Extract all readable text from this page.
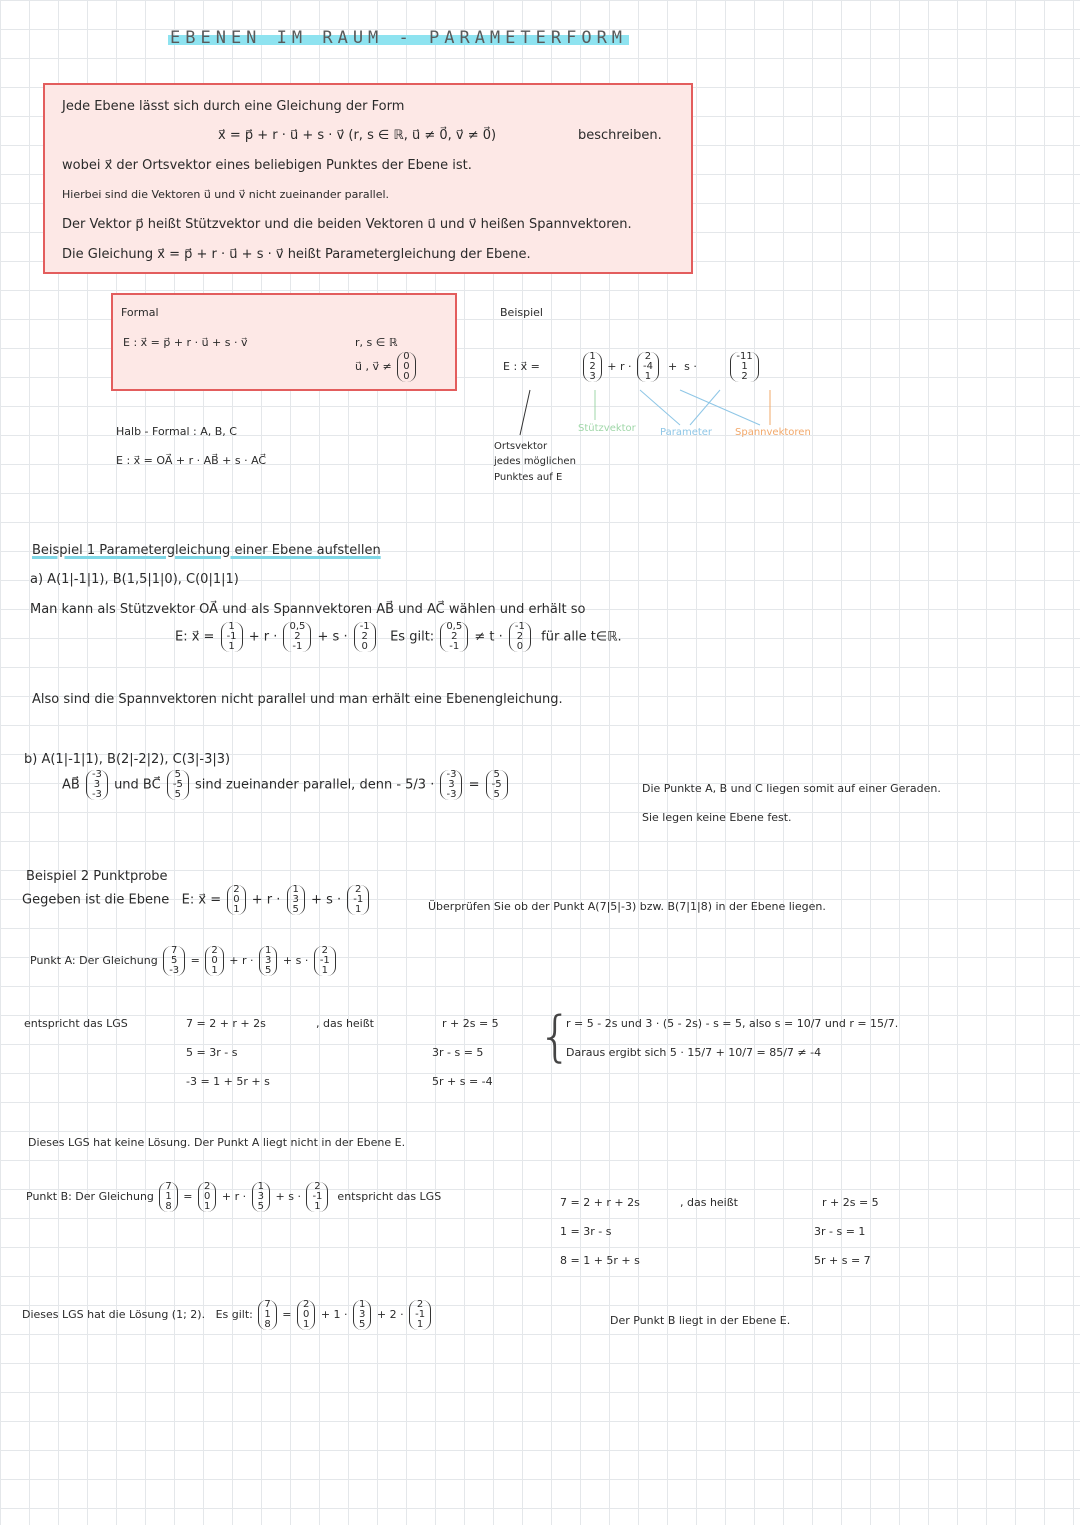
EBENEN IM RAUM - PARAMETERFORM
Jede Ebene lässt sich durch eine Gleichung der Form
x⃗ = p⃗ + r · u⃗ + s · v⃗ (r, s ∈ ℝ, u⃗ ≠ 0⃗, v⃗ ≠ 0⃗)	beschreiben.
wobei x⃗ der Ortsvektor eines beliebigen Punktes der Ebene ist.
Hierbei sind die Vektoren u⃗ und v⃗ nicht zueinander parallel.
Der Vektor p⃗ heißt Stützvektor und die beiden Vektoren u⃗ und v⃗ heißen Spannvektoren.
Die Gleichung x⃗ = p⃗ + r · u⃗ + s · v⃗ heißt Parametergleichung der Ebene.
Formal
E : x⃗ = p⃗ + r · u⃗ + s · v⃗	r, s ∈ ℝ
u⃗ , v⃗ ≠
0
0
0
Halb - Formal : A, B, C
E : x⃗ = OA⃗ + r · AB⃗ + s · AC⃗
Beispiel
E : x⃗ =
1
2
3
+ r ·
2
-4
1
+  s ·
-11
1
2
Stützvektor Parameter Spannvektoren
Ortsvektor
jedes möglichen
Punktes auf E
Beispiel 1 Parametergleichung einer Ebene aufstellen
a) A(1|-1|1), B(1,5|1|0), C(0|1|1)
Man kann als Stützvektor OA⃗ und als Spannvektoren AB⃗ und AC⃗ wählen und erhält so
E: x⃗ =
1
-1
1
+ r ·
0,5
2
-1
+ s ·
-1
2
0
Es gilt:
0,5
2
-1
≠ t ·
-1
2
0
für alle t∈ℝ.
Also sind die Spannvektoren nicht parallel und man erhält eine Ebenengleichung.
b) A(1|-1|1), B(2|-2|2), C(3|-3|3)
AB⃗
-3
3
-3
und BC⃗
5
-5
5
sind zueinander parallel, denn - 5/3 ·
-3
3
-3
=
5
-5
5	Die Punkte A, B und C liegen somit auf einer Geraden.
Sie legen keine Ebene fest.
Beispiel 2 Punktprobe
Gegeben ist die Ebene   E: x⃗ =
2
0
1
+ r ·
1
3
5
+ s ·
2
-1
1	Überprüfen Sie ob der Punkt A(7|5|-3) bzw. B(7|1|8) in der Ebene liegen.
Punkt A: Der Gleichung
7
5
-3
=
2
0
1
+ r ·
1
3
5
+ s ·
2
-1
1
entspricht das LGS	7 = 2 + r + 2s
5 = 3r - s
-3 = 1 + 5r + s
, das heißt	r + 2s = 5
3r - s = 5
5r + s = -4
{
r = 5 - 2s und 3 · (5 - 2s) - s = 5, also s = 10/7 und r = 15/7.
Daraus ergibt sich 5 · 15/7 + 10/7 = 85/7 ≠ -4
Dieses LGS hat keine Lösung. Der Punkt A liegt nicht in der Ebene E.
Punkt B: Der Gleichung
7
1
8
=
2
0
1
+ r ·
1
3
5
+ s ·
2
-1
1
entspricht das LGS	7 = 2 + r + 2s
1 = 3r - s
8 = 1 + 5r + s
, das heißt	r + 2s = 5
3r - s = 1
5r + s = 7
Dieses LGS hat die Lösung (1; 2). Es gilt:
7
1
8
=
2
0
1
+ 1 ·
1
3
5
+ 2 ·
2
-1
1	Der Punkt B liegt in der Ebene E.
